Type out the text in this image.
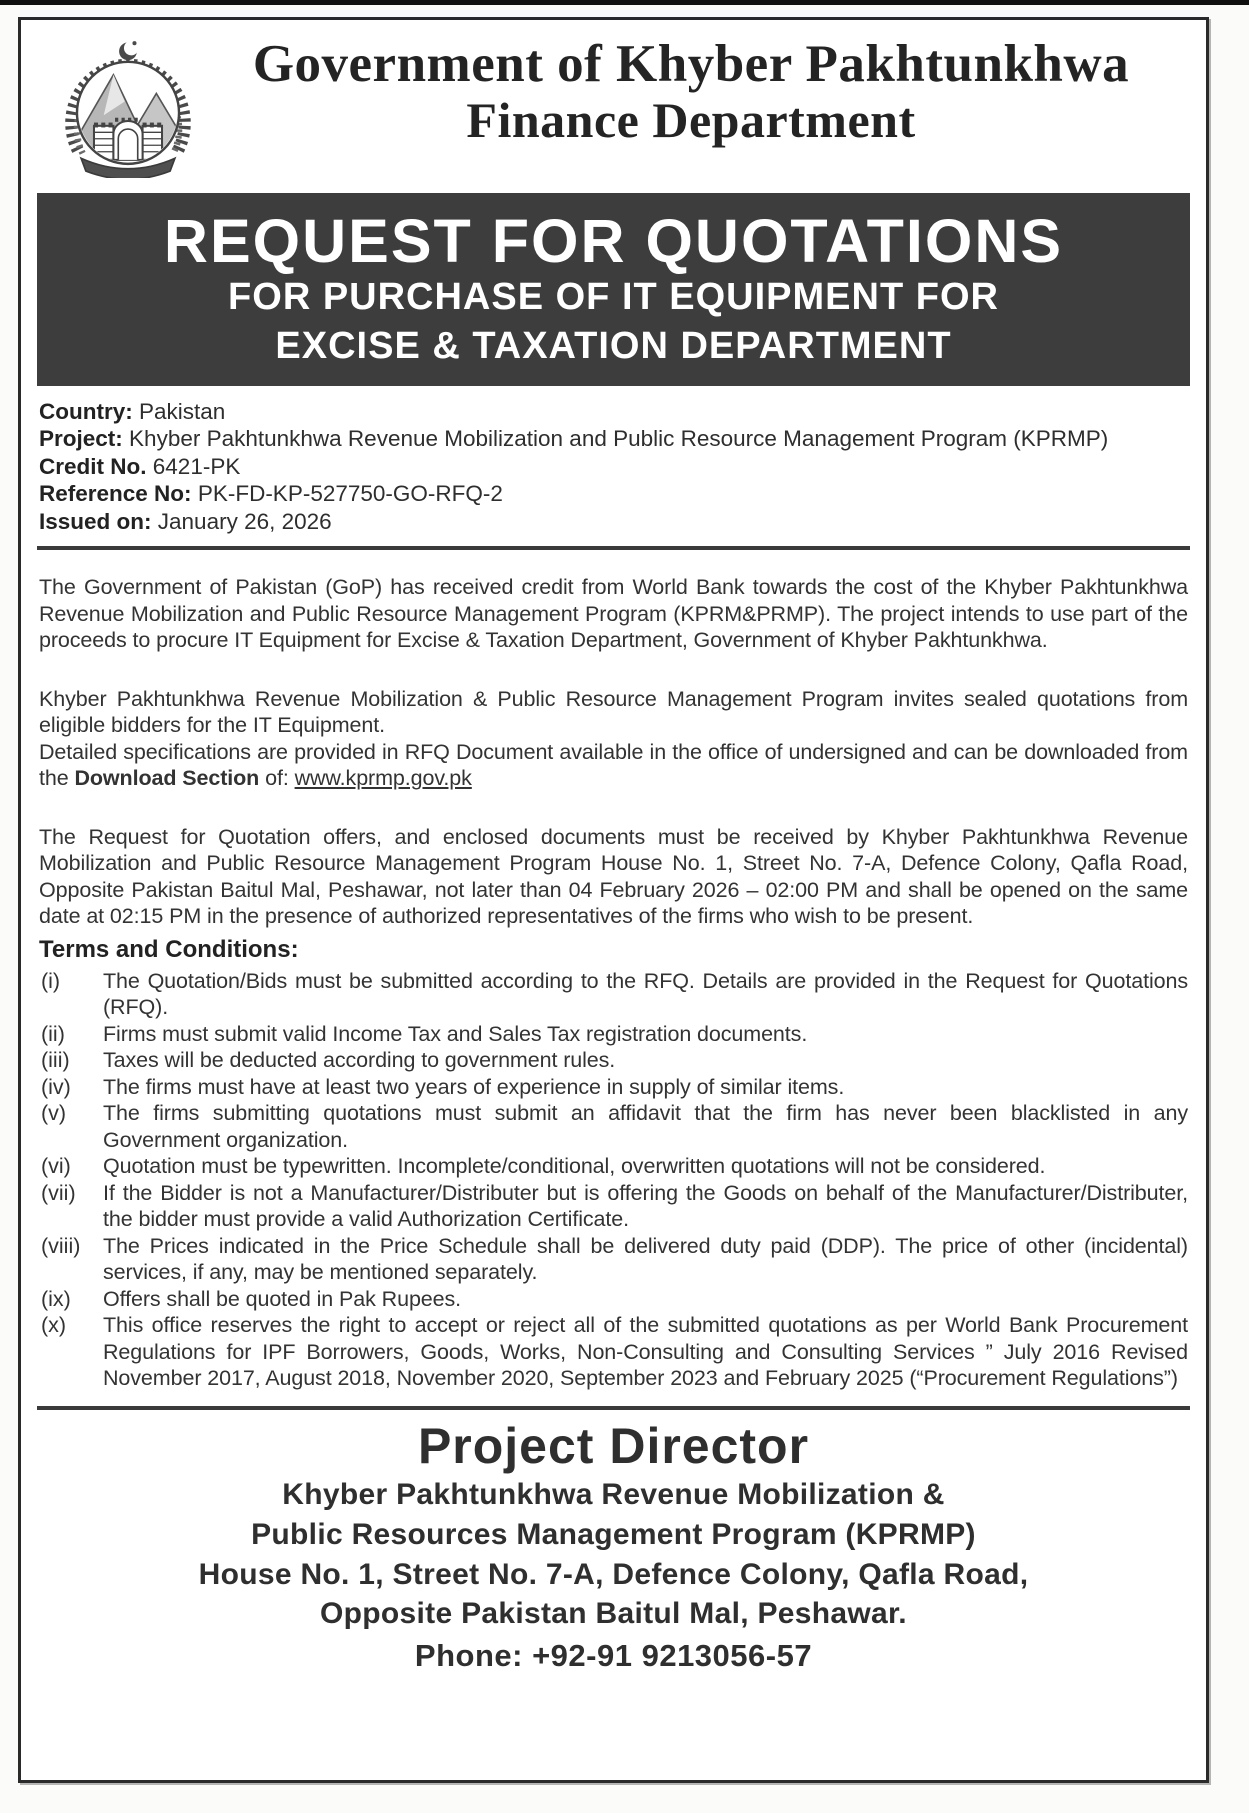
Government of Khyber Pakhtunkhwa
Finance Department
REQUEST FOR QUOTATIONS
FOR PURCHASE OF IT EQUIPMENT FOR
EXCISE & TAXATION DEPARTMENT
Country: Pakistan
Project: Khyber Pakhtunkhwa Revenue Mobilization and Public Resource Management Program (KPRMP)
Credit No. 6421-PK
Reference No: PK-FD-KP-527750-GO-RFQ-2
Issued on: January 26, 2026

The Government of Pakistan (GoP) has received credit from World Bank towards the cost of the Khyber Pakhtunkhwa Revenue Mobilization and Public Resource Management Program (KPRM&PRMP). The project intends to use part of the proceeds to procure IT Equipment for Excise & Taxation Department, Government of Khyber Pakhtunkhwa.

Khyber Pakhtunkhwa Revenue Mobilization & Public Resource Management Program invites sealed quotations from eligible bidders for the IT Equipment.

Detailed specifications are provided in RFQ Document available in the office of undersigned and can be downloaded from the Download Section of: www.kprmp.gov.pk

The Request for Quotation offers, and enclosed documents must be received by Khyber Pakhtunkhwa Revenue Mobilization and Public Resource Management Program House No. 1, Street No. 7-A, Defence Colony, Qafla Road, Opposite Pakistan Baitul Mal, Peshawar, not later than 04 February 2026 – 02:00 PM and shall be opened on the same date at 02:15 PM in the presence of authorized representatives of the firms who wish to be present.

Terms and Conditions:
(i)	The Quotation/Bids must be submitted according to the RFQ. Details are provided in the Request for Quotations (RFQ).
(ii)	Firms must submit valid Income Tax and Sales Tax registration documents.
(iii)	Taxes will be deducted according to government rules.
(iv)	The firms must have at least two years of experience in supply of similar items.
(v)	The firms submitting quotations must submit an affidavit that the firm has never been blacklisted in any Government organization.
(vi)	Quotation must be typewritten. Incomplete/conditional, overwritten quotations will not be considered.
(vii)	If the Bidder is not a Manufacturer/Distributer but is offering the Goods on behalf of the Manufacturer/Distributer, the bidder must provide a valid Authorization Certificate.
(viii)	The Prices indicated in the Price Schedule shall be delivered duty paid (DDP). The price of other (incidental) services, if any, may be mentioned separately.
(ix)	Offers shall be quoted in Pak Rupees.
(x)	This office reserves the right to accept or reject all of the submitted quotations as per World Bank Procurement Regulations for IPF Borrowers, Goods, Works, Non-Consulting and Consulting Services ” July 2016 Revised November 2017, August 2018, November 2020, September 2023 and February 2025 (“Procurement Regulations”)
Project Director
Khyber Pakhtunkhwa Revenue Mobilization &
Public Resources Management Program (KPRMP)
House No. 1, Street No. 7-A, Defence Colony, Qafla Road,
Opposite Pakistan Baitul Mal, Peshawar.
Phone: +92-91 9213056-57
